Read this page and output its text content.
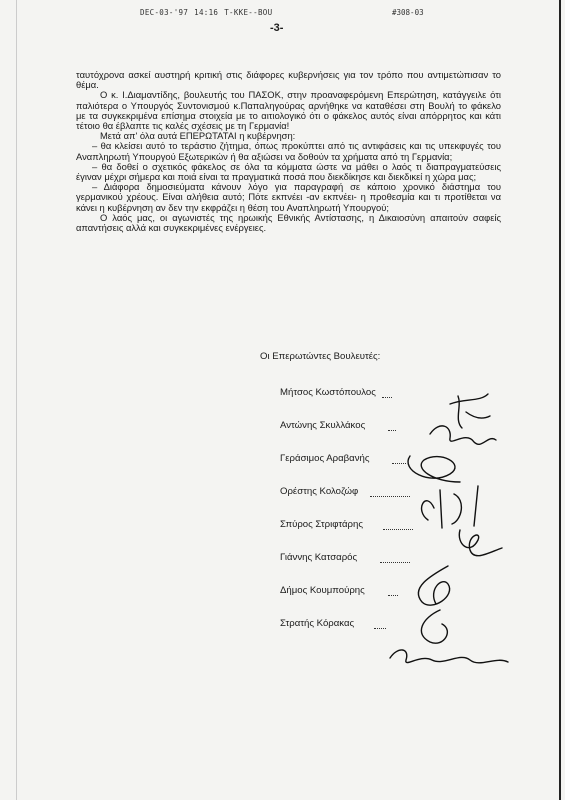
DEC-03-'97 14:16 T-KKE--BOU	#308-03
-3-

ταυτόχρονα ασκεί αυστηρή κριτική στις διάφορες κυβερνήσεις για τον τρόπο που αντιμετώπισαν το θέμα.

Ο κ. Ι.Διαμαντίδης, βουλευτής του ΠΑΣΟΚ, στην προαναφερόμενη Επερώτηση, κατάγγειλε ότι παλιότερα ο Υπουργός Συντονισμού κ.Παπαληγούρας αρνήθηκε να καταθέσει στη Βουλή το φάκελο με τα συγκεκριμένα επίσημα στοιχεία με το αιτιολογικό ότι ο φάκελος αυτός είναι απόρρητος και κάτι τέτοιο θα έβλαπτε τις καλές σχέσεις με τη Γερμανία!

Μετά απ' όλα αυτά ΕΠΕΡΩΤΑΤΑΙ η κυβέρνηση:

– θα κλείσει αυτό το τεράστιο ζήτημα, όπως προκύπτει από τις αντιφάσεις και τις υπεκφυγές του Αναπληρωτή Υπουργού Εξωτερικών ή θα αξιώσει να δοθούν τα χρήματα από τη Γερμανία;

– θα δοθεί ο σχετικός φάκελος σε όλα τα κόμματα ώστε να μάθει ο λαός τι διαπραγματεύσεις έγιναν μέχρι σήμερα και ποιά είναι τα πραγματικά ποσά που διεκδίκησε και διεκδικεί η χώρα μας;

– Διάφορα δημοσιεύματα κάνουν λόγο για παραγραφή σε κάποιο χρονικό διάστημα του γερμανικού χρέους. Είναι αλήθεια αυτό; Πότε εκπνέει -αν εκπνέει- η προθεσμία και τι προτίθεται να κάνει η κυβέρνηση αν δεν την εκφράζει η θέση του Αναπληρωτή Υπουργού;

Ο λαός μας, οι αγωνιστές της ηρωικής Εθνικής Αντίστασης, η Δικαιοσύνη απαιτούν σαφείς απαντήσεις αλλά και συγκεκριμένες ενέργειες.

Οι Επερωτώντες Βουλευτές:
Μήτσος Κωστόπουλος
Αντώνης Σκυλλάκος
Γεράσιμος Αραβανής
Ορέστης Κολοζώφ
Σπύρος Στριφτάρης
Γιάννης Κατσαρός
Δήμος Κουμπούρης
Στρατής Κόρακας
